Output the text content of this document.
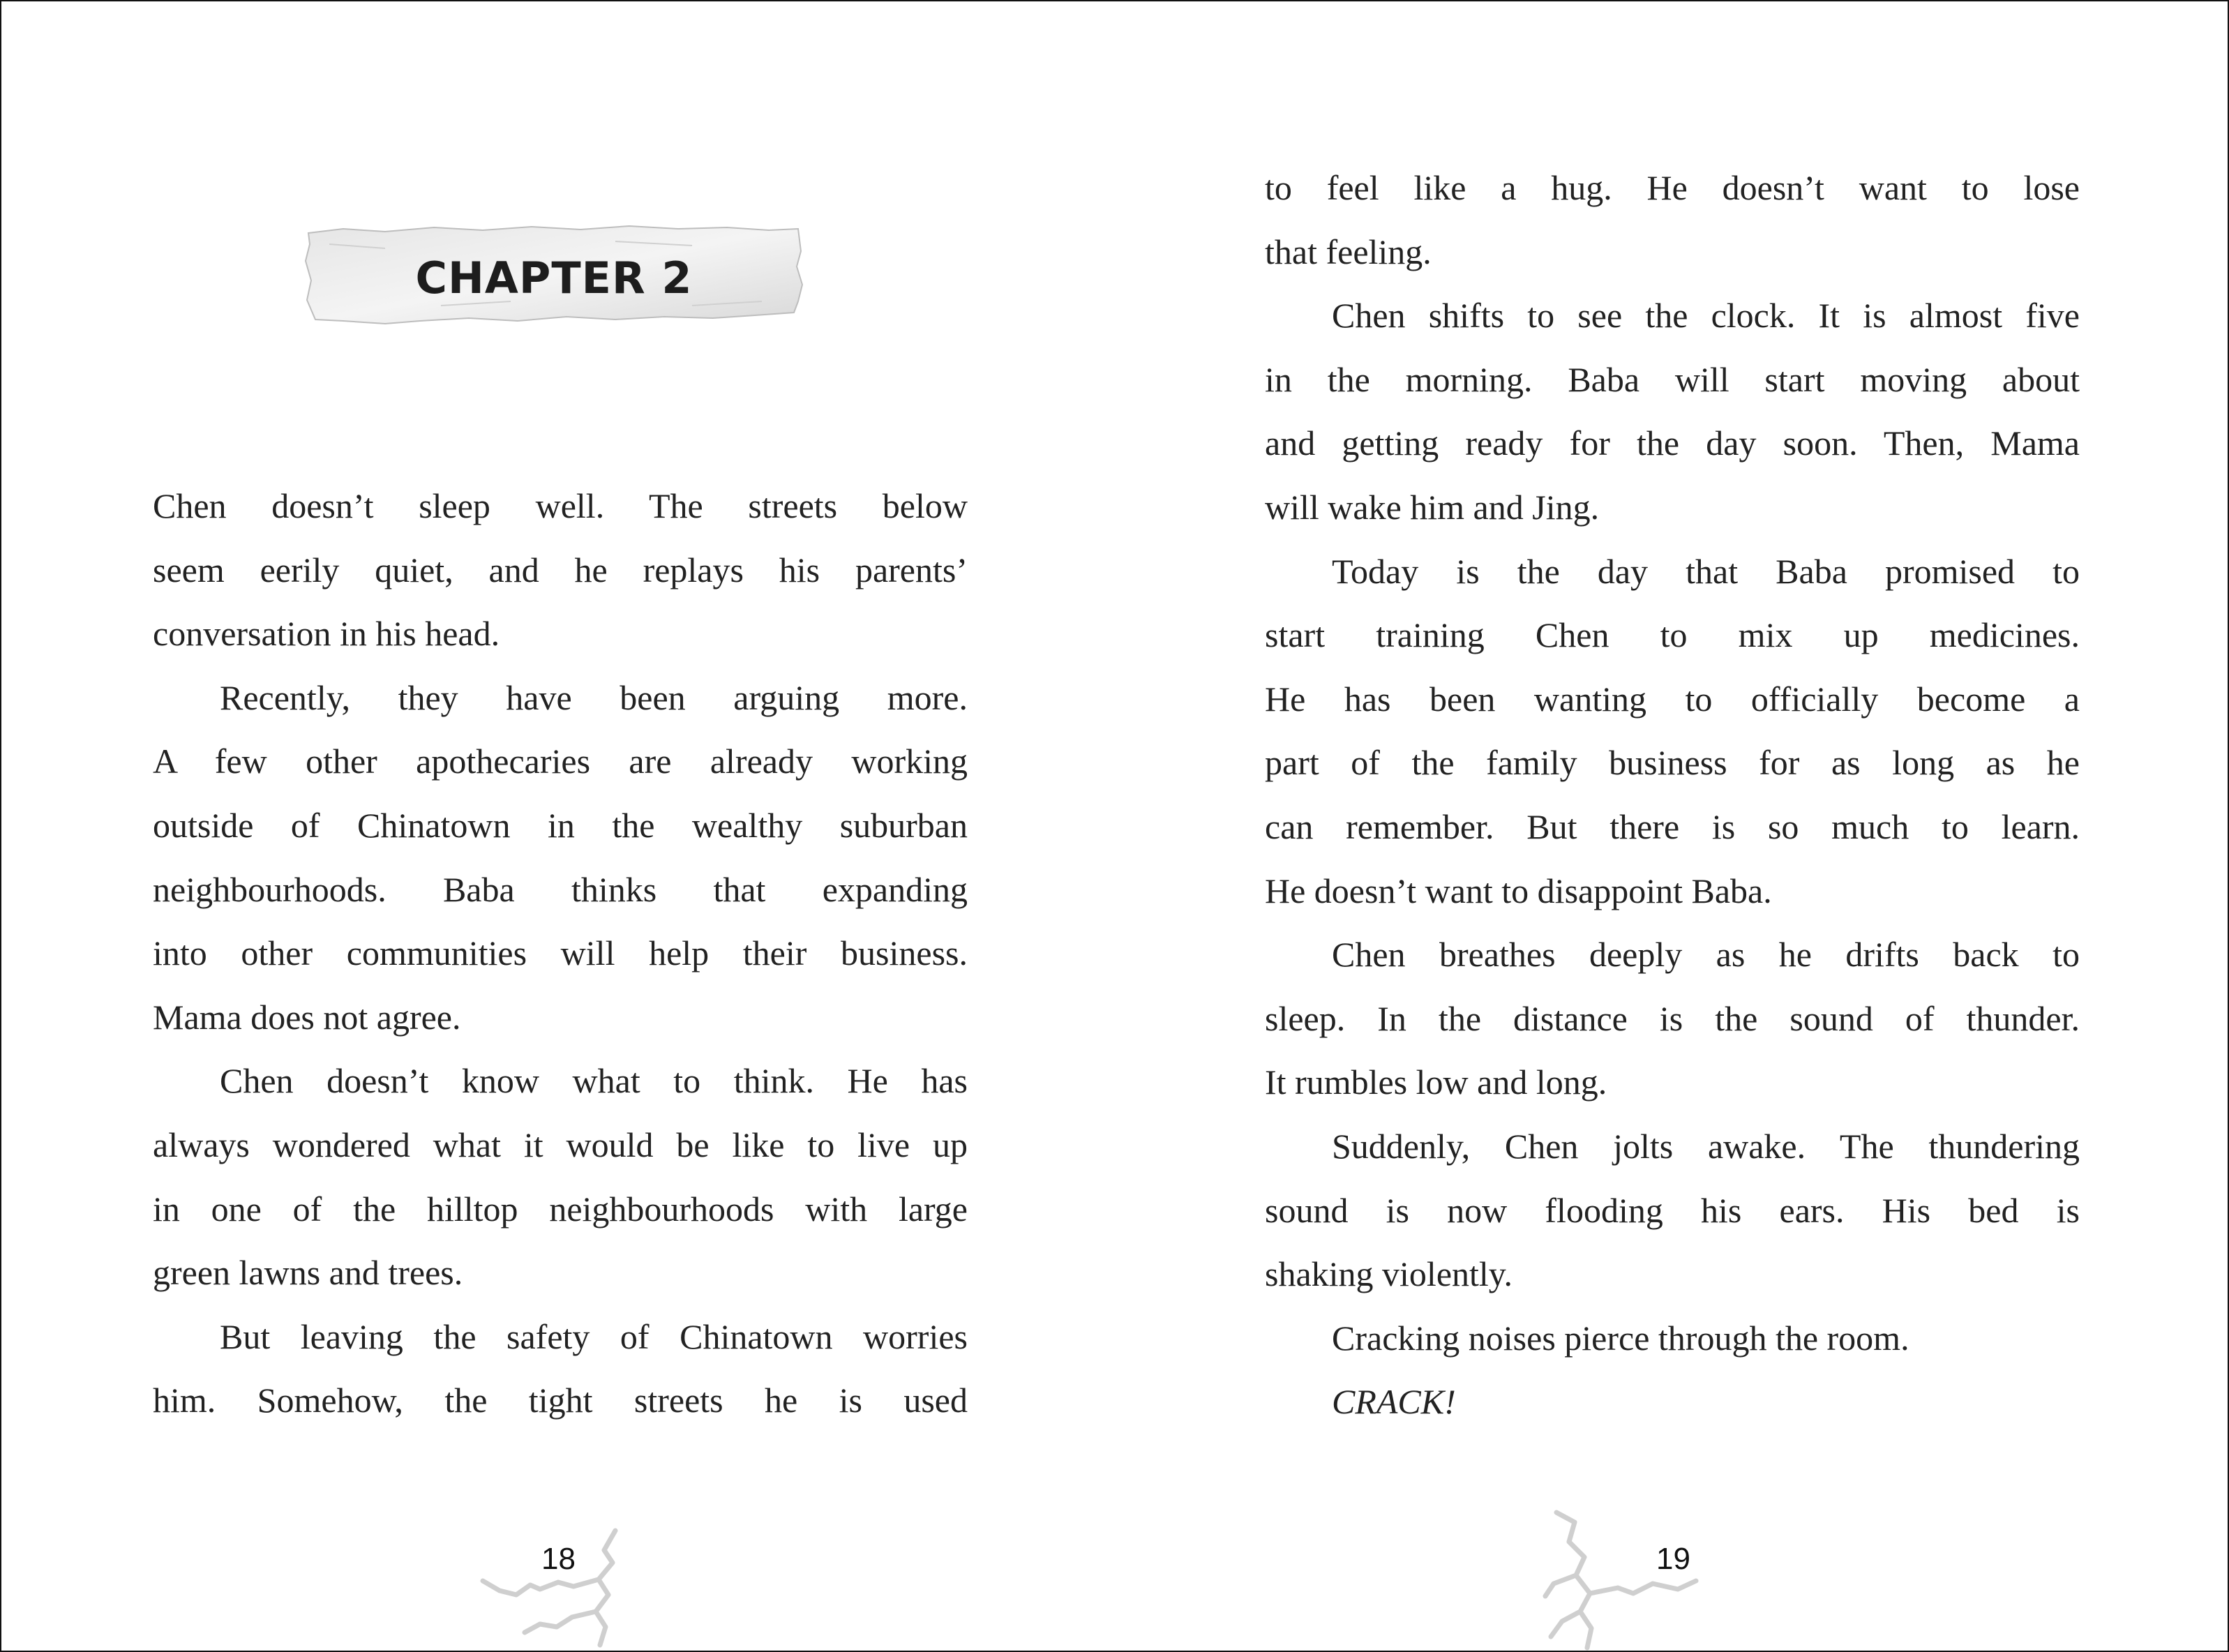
CHAPTER 2
Chen doesn’t sleep well. The streets below
seem eerily quiet, and he replays his parents’
conversation in his head.
Recently, they have been arguing more.
A few other apothecaries are already working
outside of Chinatown in the wealthy suburban
neighbourhoods. Baba thinks that expanding
into other communities will help their business.
Mama does not agree.
Chen doesn’t know what to think. He has
always wondered what it would be like to live up
in one of the hilltop neighbourhoods with large
green lawns and trees.
But leaving the safety of Chinatown worries
him. Somehow, the tight streets he is used
18
to feel like a hug. He doesn’t want to lose
that feeling.
Chen shifts to see the clock. It is almost five
in the morning. Baba will start moving about
and getting ready for the day soon. Then, Mama
will wake him and Jing.
Today is the day that Baba promised to
start training Chen to mix up medicines.
He has been wanting to officially become a
part of the family business for as long as he
can remember. But there is so much to learn.
He doesn’t want to disappoint Baba.
Chen breathes deeply as he drifts back to
sleep. In the distance is the sound of thunder.
It rumbles low and long.
Suddenly, Chen jolts awake. The thundering
sound is now flooding his ears. His bed is
shaking violently.
Cracking noises pierce through the room.
CRACK!
19
